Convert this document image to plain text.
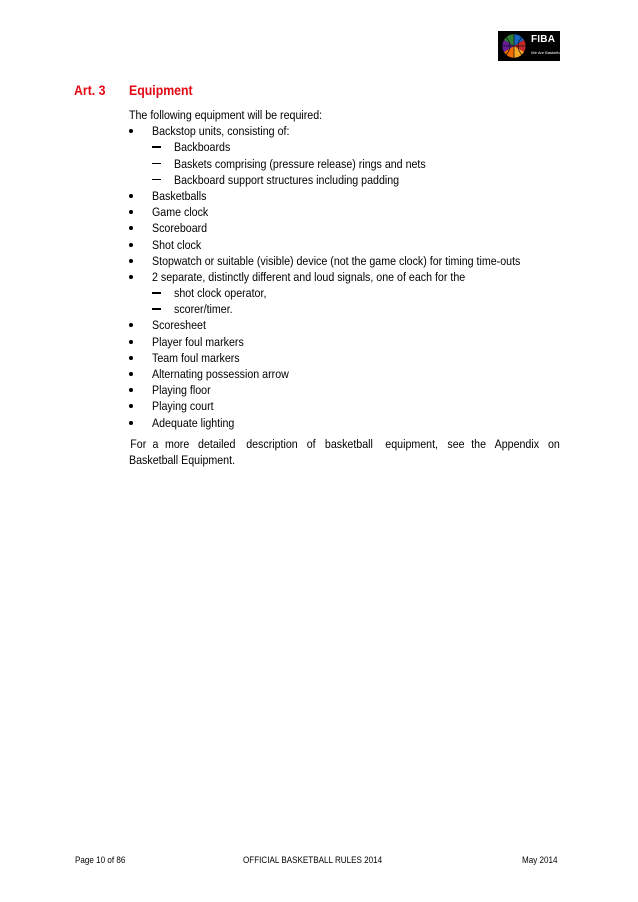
FIBA
We Are Basketball
Art. 3 Equipment
The following equipment will be required:
Backstop units, consisting of:
Backboards
Baskets comprising (pressure release) rings and nets
Backboard support structures including padding
Basketballs
Game clock
Scoreboard
Shot clock
Stopwatch or suitable (visible) device (not the game clock) for timing time-outs
2 separate, distinctly different and loud signals, one of each for the
shot clock operator,
scorer/timer.
Scoresheet
Player foul markers
Team foul markers
Alternating possession arrow
Playing floor
Playing court
Adequate lighting
For a more detailed description of basketball equipment, see the Appendix on
Basketball Equipment.
Page 10 of 86	OFFICIAL BASKETBALL RULES 2014	May 2014
